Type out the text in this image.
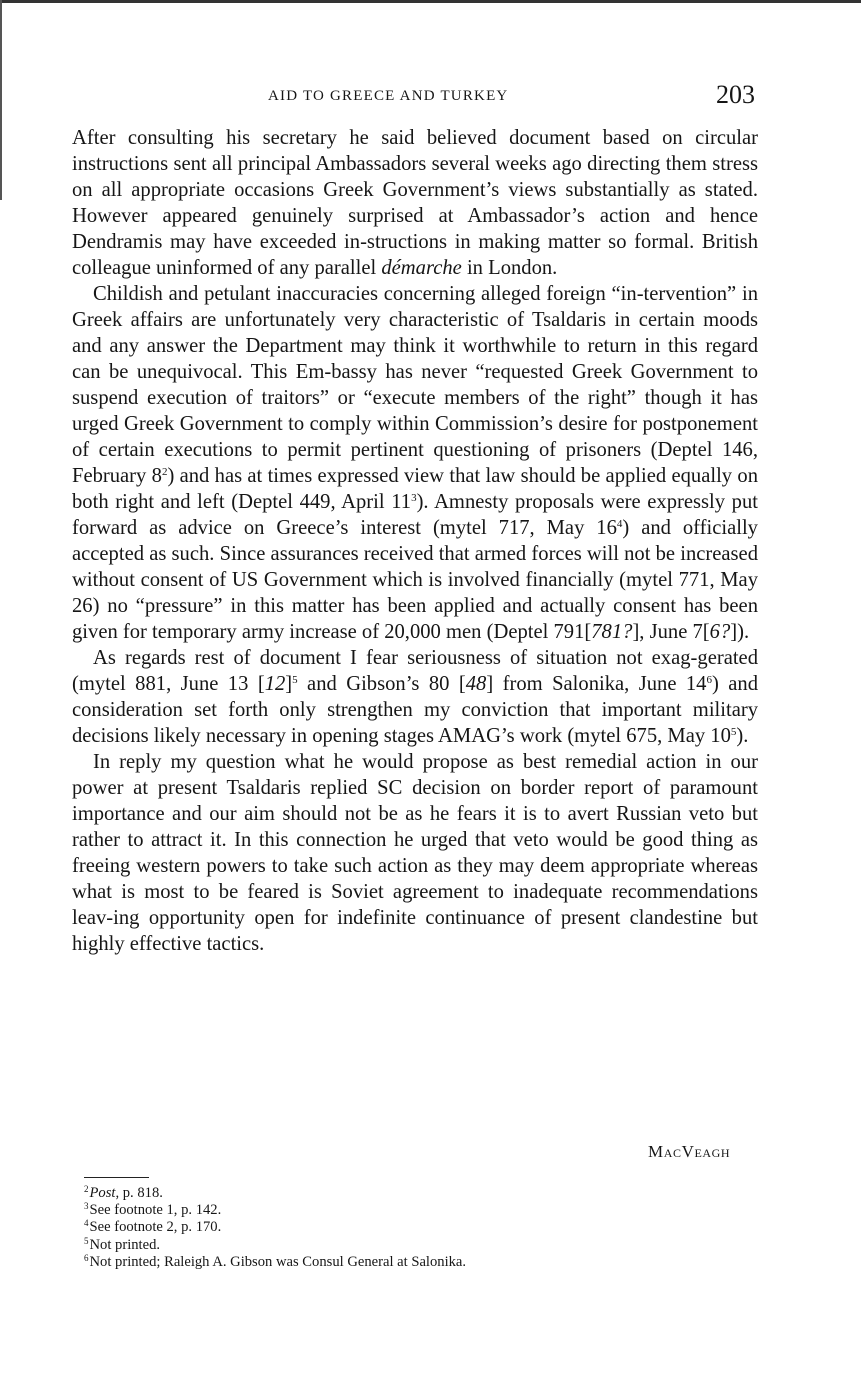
AID TO GREECE AND TURKEY	203

After consulting his secretary he said believed document based on circular instructions sent all principal Ambassadors several weeks ago directing them stress on all appropriate occasions Greek Government’s views substantially as stated. However appeared genuinely surprised at Ambassador’s action and hence Dendramis may have exceeded in-structions in making matter so formal. British colleague uninformed of any parallel démarche in London.

Childish and petulant inaccuracies concerning alleged foreign “in-tervention” in Greek affairs are unfortunately very characteristic of Tsaldaris in certain moods and any answer the Department may think it worthwhile to return in this regard can be unequivocal. This Em-bassy has never “requested Greek Government to suspend execution of traitors” or “execute members of the right” though it has urged Greek Government to comply within Commission’s desire for postponement of certain executions to permit pertinent questioning of prisoners (Deptel 146, February $8^2$) and has at times expressed view that law should be applied equally on both right and left (Deptel 449, April $11^3$). Amnesty proposals were expressly put forward as advice on Greece’s interest (mytel 717, May $16^4$) and officially accepted as such. Since assurances received that armed forces will not be increased without consent of US Government which is involved financially (mytel 771, May 26) no “pressure” in this matter has been applied and actually consent has been given for temporary army increase of 20,000 men (Deptel 791[781?], June 7[6?]).

As regards rest of document I fear seriousness of situation not exag-gerated (mytel 881, June 13 $[12]^5$ and Gibson’s 80 [48] from Salonika, June $14^6$) and consideration set forth only strengthen my conviction that important military decisions likely necessary in opening stages AMAG’s work (mytel 675, May $10^5$).

In reply my question what he would propose as best remedial action in our power at present Tsaldaris replied SC decision on border report of paramount importance and our aim should not be as he fears it is to avert Russian veto but rather to attract it. In this connection he urged that veto would be good thing as freeing western powers to take such action as they may deem appropriate whereas what is most to be feared is Soviet agreement to inadequate recommendations leav-ing opportunity open for indefinite continuance of present clandestine but highly effective tactics.

MacVeagh

$^2$Post, p. 818.

$^3$See footnote 1, p. 142.

$^4$See footnote 2, p. 170.

$^5$Not printed.

$^6$Not printed; Raleigh A. Gibson was Consul General at Salonika.
